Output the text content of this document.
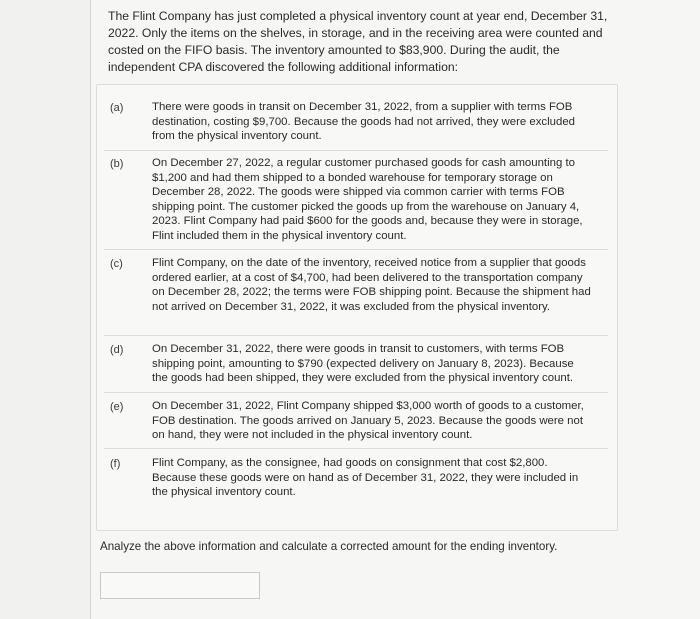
The Flint Company has just completed a physical inventory count at year end, December 31, 2022. Only the items on the shelves, in storage, and in the receiving area were counted and costed on the FIFO basis. The inventory amounted to $83,900. During the audit, the independent CPA discovered the following additional information:
(a)	There were goods in transit on December 31, 2022, from a supplier with terms FOB destination, costing $9,700. Because the goods had not arrived, they were excluded from the physical inventory count.
(b)	On December 27, 2022, a regular customer purchased goods for cash amounting to $1,200 and had them shipped to a bonded warehouse for temporary storage on December 28, 2022. The goods were shipped via common carrier with terms FOB shipping point. The customer picked the goods up from the warehouse on January 4, 2023. Flint Company had paid $600 for the goods and, because they were in storage, Flint included them in the physical inventory count.
(c)	Flint Company, on the date of the inventory, received notice from a supplier that goods ordered earlier, at a cost of $4,700, had been delivered to the transportation company on December 28, 2022; the terms were FOB shipping point. Because the shipment had not arrived on December 31, 2022, it was excluded from the physical inventory.
(d)	On December 31, 2022, there were goods in transit to customers, with terms FOB shipping point, amounting to $790 (expected delivery on January 8, 2023). Because the goods had been shipped, they were excluded from the physical inventory count.
(e)	On December 31, 2022, Flint Company shipped $3,000 worth of goods to a customer, FOB destination. The goods arrived on January 5, 2023. Because the goods were not on hand, they were not included in the physical inventory count.
(f)	Flint Company, as the consignee, had goods on consignment that cost $2,800. Because these goods were on hand as of December 31, 2022, they were included in the physical inventory count.
Analyze the above information and calculate a corrected amount for the ending inventory.
